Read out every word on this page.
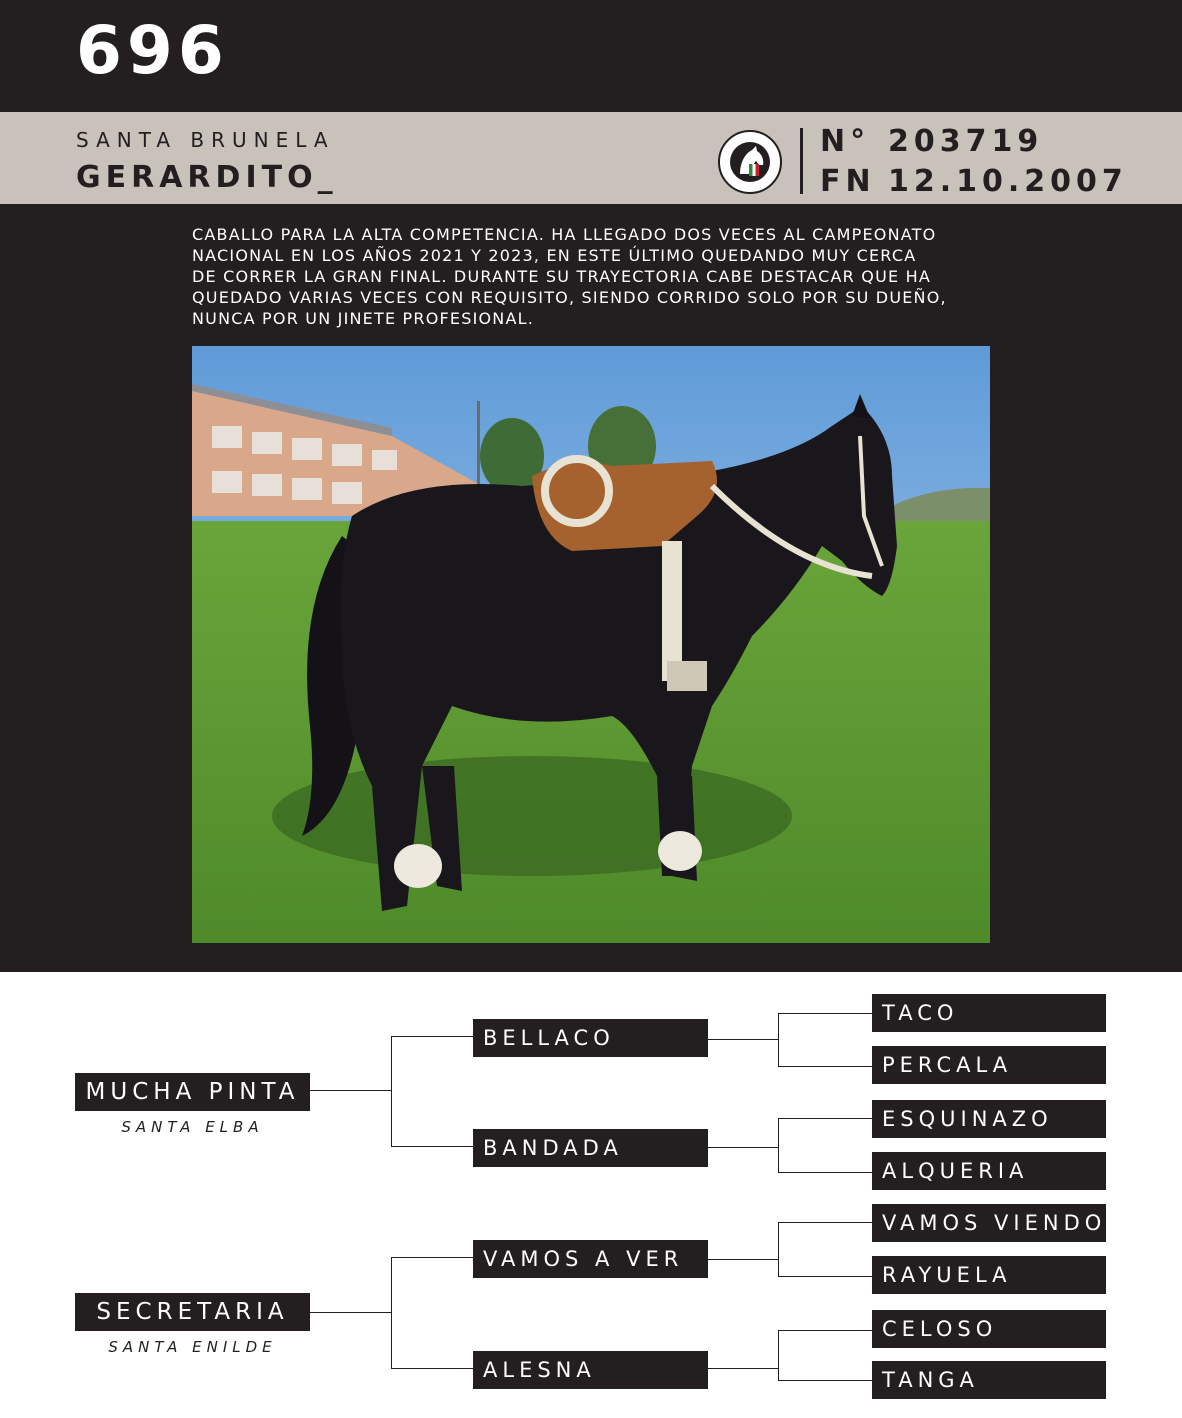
696
SANTA BRUNELA
GERARDITO_
N° 203719
FN 12.10.2007
CABALLO PARA LA ALTA COMPETENCIA. HA LLEGADO DOS VECES AL CAMPEONATO
NACIONAL EN LOS AÑOS 2021 Y 2023, EN ESTE ÚLTIMO QUEDANDO MUY CERCA
DE CORRER LA GRAN FINAL. DURANTE SU TRAYECTORIA CABE DESTACAR QUE HA
QUEDADO VARIAS VECES CON REQUISITO, SIENDO CORRIDO SOLO POR SU DUEÑO,
NUNCA POR UN JINETE PROFESIONAL.
MUCHA PINTA
SANTA ELBA
SECRETARIA
SANTA ENILDE
BELLACO
BANDADA
VAMOS A VER
ALESNA
TACO
PERCALA
ESQUINAZO
ALQUERIA
VAMOS VIENDO
RAYUELA
CELOSO
TANGA
